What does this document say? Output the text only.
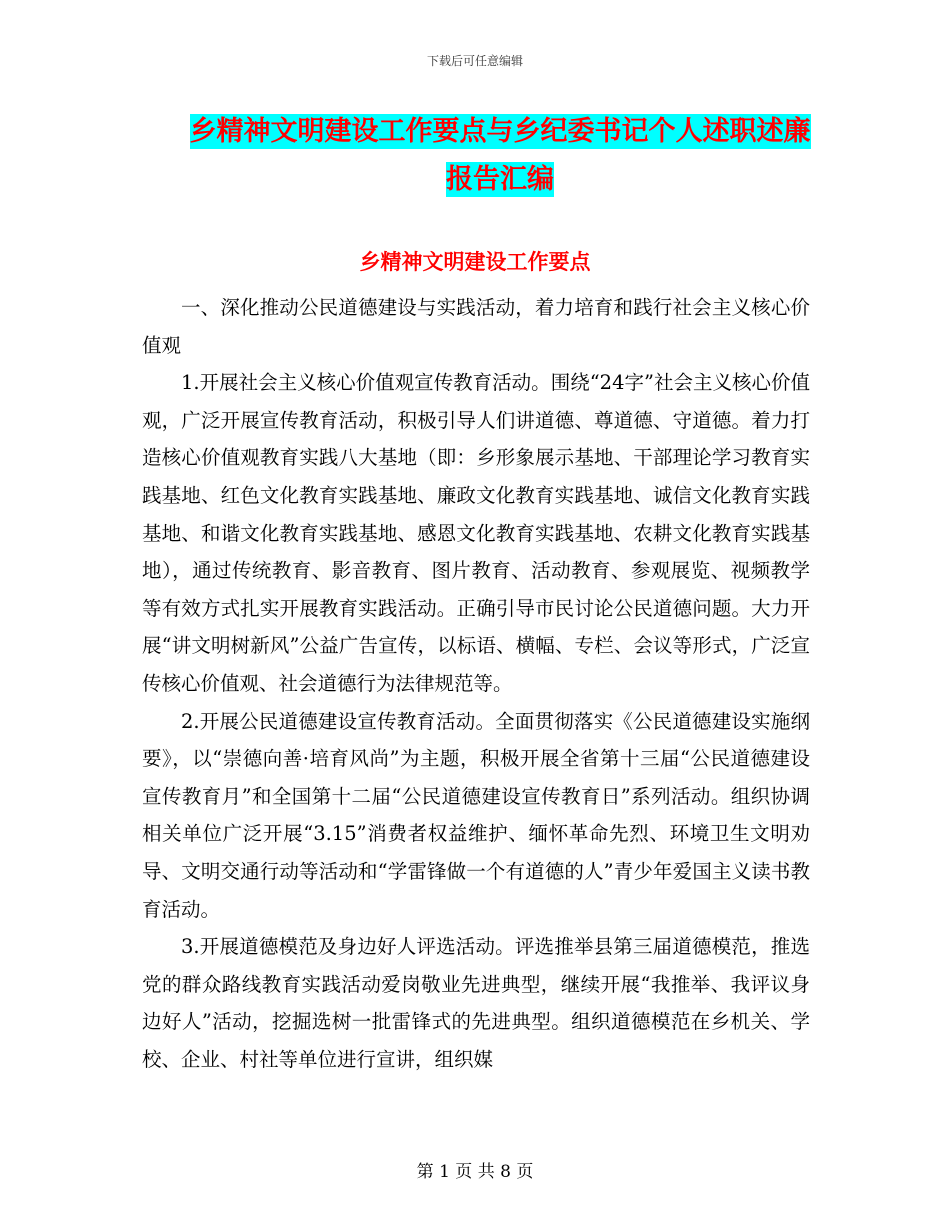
下载后可任意编辑
乡精神文明建设工作要点与乡纪委书记个人述职述廉
报告汇编
乡精神文明建设工作要点

一、深化推动公民道德建设与实践活动，着力培育和践行社会主义核心价值观

1.开展社会主义核心价值观宣传教育活动。围绕“24字”社会主义核心价值观，广泛开展宣传教育活动，积极引导人们讲道德、尊道德、守道德。着力打造核心价值观教育实践八大基地（即：乡形象展示基地、干部理论学习教育实践基地、红色文化教育实践基地、廉政文化教育实践基地、诚信文化教育实践基地、和谐文化教育实践基地、感恩文化教育实践基地、农耕文化教育实践基地），通过传统教育、影音教育、图片教育、活动教育、参观展览、视频教学等有效方式扎实开展教育实践活动。正确引导市民讨论公民道德问题。大力开展“讲文明树新风”公益广告宣传，以标语、横幅、专栏、会议等形式，广泛宣传核心价值观、社会道德行为法律规范等。

2.开展公民道德建设宣传教育活动。全面贯彻落实《公民道德建设实施纲要》，以“崇德向善·培育风尚”为主题，积极开展全省第十三届“公民道德建设宣传教育月”和全国第十二届“公民道德建设宣传教育日”系列活动。组织协调相关单位广泛开展“3.15”消费者权益维护、缅怀革命先烈、环境卫生文明劝导、文明交通行动等活动和“学雷锋做一个有道德的人”青少年爱国主义读书教育活动。

3.开展道德模范及身边好人评选活动。评选推举县第三届道德模范，推选党的群众路线教育实践活动爱岗敬业先进典型，继续开展“我推举、我评议身边好人”活动，挖掘选树一批雷锋式的先进典型。组织道德模范在乡机关、学校、企业、村社等单位进行宣讲，组织媒

第 1 页 共 8 页
